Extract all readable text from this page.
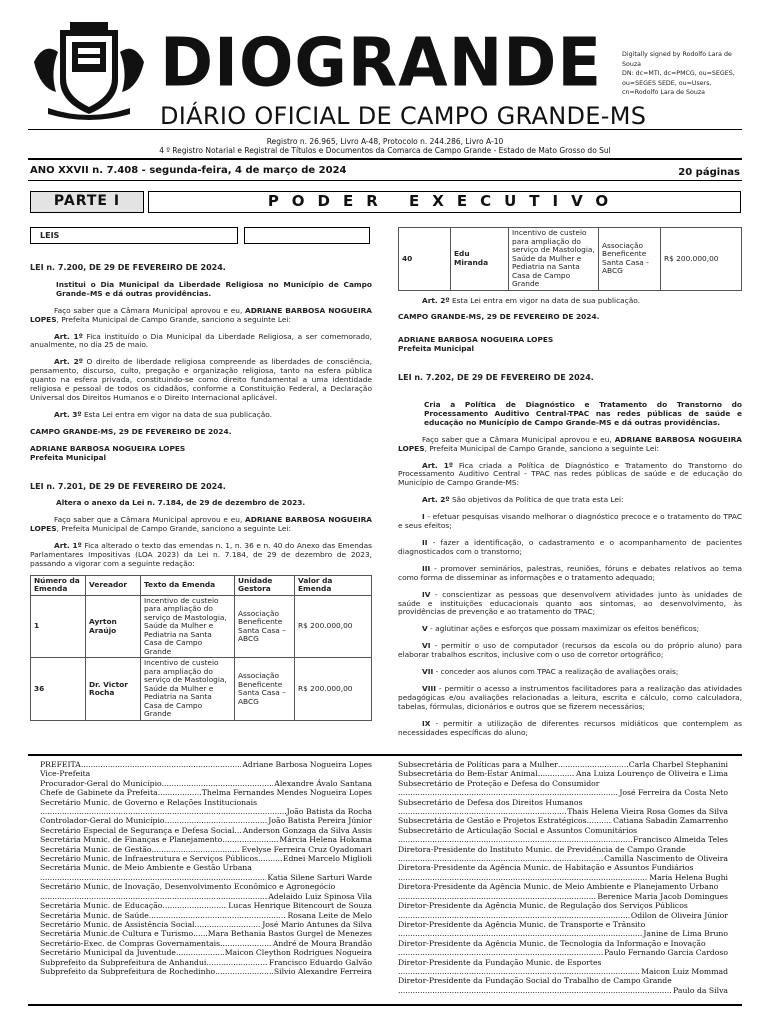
DIOGRANDE
DIÁRIO OFICIAL DE CAMPO GRANDE-MS
Digitally signed by Rodolfo Lara de
Souza
DN: dc=MTI, dc=PMCG, ou=SEGES,
ou=SEGES SEDE, ou=Users,
cn=Rodolfo Lara de Souza
Registro n. 26.965, Livro A-48, Protocolo n. 244.286, Livro A-10
4 º Registro Notarial e Registral de Títulos e Documentos da Comarca de Campo Grande - Estado de Mato Grosso do Sul
ANO XXVII n. 7.408 - segunda-feira, 4 de março de 2024	20 páginas
PARTE I	PODER EXECUTIVO
LEIS
LEI n. 7.200, DE 29 DE FEVEREIRO DE 2024.
Institui o Dia Municipal da Liberdade Religiosa no Município de Campo Grande–MS e dá outras providências.
Faço saber que a Câmara Municipal aprovou e eu, ADRIANE BARBOSA NOGUEIRA LOPES, Prefeita Municipal de Campo Grande, sanciono a seguinte Lei:
Art. 1º Fica instituído o Dia Municipal da Liberdade Religiosa, a ser comemorado, anualmente, no dia 25 de maio.
Art. 2º O direito de liberdade religiosa compreende as liberdades de consciência, pensamento, discurso, culto, pregação e organização religiosa, tanto na esfera pública quanto na esfera privada, constituindo-se como direito fundamental a uma identidade religiosa e pessoal de todos os cidadãos, conforme a Constituição Federal, a Declaração Universal dos Direitos Humanos e o Direito Internacional aplicável.
Art. 3º Esta Lei entra em vigor na data de sua publicação.
CAMPO GRANDE-MS, 29 DE FEVEREIRO DE 2024.
ADRIANE BARBOSA NOGUEIRA LOPES
Prefeita Municipal
LEI n. 7.201, DE 29 DE FEVEREIRO DE 2024.
Altera o anexo da Lei n. 7.184, de 29 de dezembro de 2023.
Faço saber que a Câmara Municipal aprovou e eu, ADRIANE BARBOSA NOGUEIRA LOPES, Prefeita Municipal de Campo Grande, sanciono a seguinte Lei:
Art. 1º Fica alterado o texto das emendas n. 1, n. 36 e n. 40 do Anexo das Emendas Parlamentares Impositivas (LOA 2023) da Lei n. 7.184, de 29 de dezembro de 2023, passando a vigorar com a seguinte redação:
Número da Emenda	Vereador	Texto da Emenda	Unidade Gestora	Valor da Emenda
1	Ayrton Araújo	Incentivo de custeio para ampliação do serviço de Mastologia, Saúde da Mulher e Pediatria na Santa Casa de Campo Grande	Associação Beneficente Santa Casa – ABCG	R$ 200.000,00
36	Dr. Victor Rocha	Incentivo de custeio para ampliação do serviço de Mastologia, Saúde da Mulher e Pediatria na Santa Casa de Campo Grande	Associação Beneficente Santa Casa – ABCG	R$ 200.000,00
40	Edu Miranda	Incentivo de custeio para ampliação do serviço de Mastologia, Saúde da Mulher e Pediatria na Santa Casa de Campo Grande	Associação Beneficente Santa Casa - ABCG	R$ 200.000,00
Art. 2º Esta Lei entra em vigor na data de sua publicação.
CAMPO GRANDE-MS, 29 DE FEVEREIRO DE 2024.
ADRIANE BARBOSA NOGUEIRA LOPES
Prefeita Municipal
LEI n. 7.202, DE 29 DE FEVEREIRO DE 2024.
Cria a Política de Diagnóstico e Tratamento do Transtorno do Processamento Auditivo Central-TPAC nas redes públicas de saúde e educação no Município de Campo Grande-MS e dá outras providências.
Faço saber que a Câmara Municipal aprovou e eu, ADRIANE BARBOSA NOGUEIRA LOPES, Prefeita Municipal de Campo Grande, sanciono a seguinte Lei:
Art. 1º Fica criada a Política de Diagnóstico e Tratamento do Transtorno do Processamento Auditivo Central - TPAC nas redes públicas de saúde e de educação do Município de Campo Grande-MS:
Art. 2º São objetivos da Política de que trata esta Lei:
I - efetuar pesquisas visando melhorar o diagnóstico precoce e o tratamento do TPAC e seus efeitos;
II - fazer a identificação, o cadastramento e o acompanhamento de pacientes diagnosticados com o transtorno;
III - promover seminários, palestras, reuniões, fóruns e debates relativos ao tema como forma de disseminar as informações e o tratamento adequado;
IV - conscientizar as pessoas que desenvolvem atividades junto às unidades de saúde e instituições educacionais quanto aos sintomas, ao desenvolvimento, às providências de prevenção e ao tratamento do TPAC;
V - aglutinar ações e esforços que possam maximizar os efeitos benéficos;
VI - permitir o uso de computador (recursos da escola ou do próprio aluno) para elaborar trabalhos escritos, inclusive com o uso de corretor ortográfico;
VII - conceder aos alunos com TPAC a realização de avaliações orais;
VIII - permitir o acesso a instrumentos facilitadores para a realização das atividades pedagógicas e/ou avaliações relacionadas a leitura, escrita e cálculo, como calculadora, tabelas, fórmulas, dicionários e outros que se fizerem necessários;
IX - permitir a utilização de diferentes recursos midiáticos que contemplem as necessidades específicas do aluno;
PREFEITA .....	Adriane Barbosa Nogueira Lopes
Vice-Prefeita
Procurador-Geral do Município .....	Alexandre Ávalo Santana
Chefe de Gabinete da Prefeita .....	Thelma Fernandes Mendes Nogueira Lopes
Secretário Munic. de Governo e Relações Institucionais
.....
João Batista da Rocha
Controlador-Geral do Município .....	João Batista Pereira Júnior
Secretário Especial de Segurança e Defesa Social ..... Anderson Gonzaga da Silva Assis
Secretária Munic. de Finanças e Planejamento .....	Márcia Helena Hokama
Secretária Munic. de Gestão .....	Evelyse Ferreira Cruz Oyadomari
Secretário Munic. de Infraestrutura e Serviços Públicos .....	Ednei Marcelo Miglioli
Secretária Munic. de Meio Ambiente e Gestão Urbana
.....
Katia Silene Sarturi Warde
Secretário Munic. de Inovação, Desenvolvimento Econômico e Agronegócio
.....
Adelaido Luiz Spinosa Vila
Secretária Munic. de Educação .....	Lucas Henrique Bitencourt de Souza
Secretária Munic. de Saúde .....	Rosana Leite de Melo
Secretário Munic. de Assistência Social .....	José Mario Antunes da Silva
Secretária Munic.de Cultura e Turismo ..... Mara Bethania Bastos Gurgel de Menezes
Secretário-Exec. de Compras Governamentais .....	André de Moura Brandão
Secretário Municipal da Juventude .....	Maicon Cleython Rodrigues Nogueira
Subprefeito da Subprefeitura de Anhandui .....	Francisco Eduardo Galvão
Subprefeito da Subprefeitura de Rochedinho .....	Silvio Alexandre Ferreira
Subsecretária de Políticas para a Mulher .....	Carla Charbel Stephanini
Subsecretária do Bem-Estar Animal .....	Ana Luiza Lourenço de Oliveira e Lima
Subsecretário de Proteção e Defesa do Consumidor
.....
José Ferreira da Costa Neto
Subsecretário de Defesa dos Direitos Humanos
.....
Thais Helena Vieira Rosa Gomes da Silva
Subsecretária de Gestão e Projetos Estratégicos .....	Catiana Sabadin Zamarrenho
Subsecretário de Articulação Social e Assuntos Comunitários
.....
Francisco Almeida Teles
Diretora-Presidente do Instituto Munic. de Previdência de Campo Grande
.....
Camilla Nascimento de Oliveira
Diretora-Presidente da Agência Munic. de Habitação e Assuntos Fundiários
.....
Maria Helena Bughi
Diretora-Presidente da Agência Munic. de Meio Ambiente e Planejamento Urbano
.....
Berenice Maria Jacob Domingues
Diretor-Presidente da Agência Munic. de Regulação dos Serviços Públicos
.....
Odilon de Oliveira Júnior
Diretor-Presidente da Agência Munic. de Transporte e Trânsito
.....
Janine de Lima Bruno
Diretor-Presidente da Agência Munic. de Tecnologia da Informação e Inovação
.....
Paulo Fernando Garcia Cardoso
Diretor-Presidente da Fundação Munic. de Esportes
.....
Maicon Luiz Mommad
Diretor-Presidente da Fundação Social do Trabalho de Campo Grande
.....
Paulo da Silva
